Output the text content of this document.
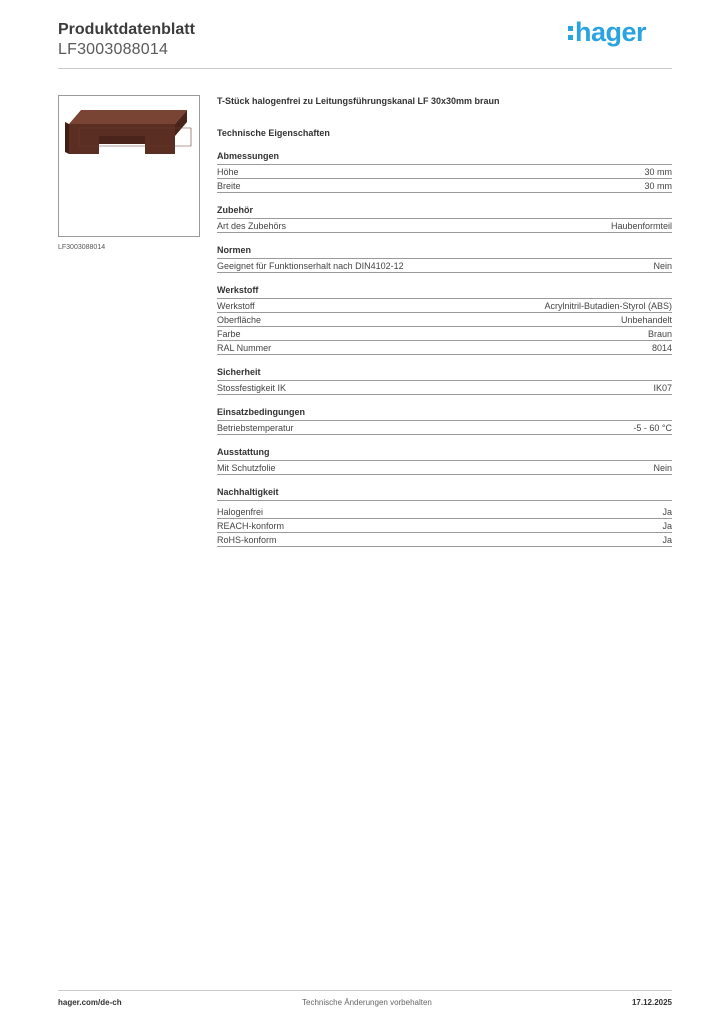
Produktdatenblatt
LF3003088014
hager
LF3003088014
T-Stück halogenfrei zu Leitungsführungskanal LF 30x30mm braun
Technische Eigenschaften
Abmessungen
Höhe	30 mm
Breite	30 mm
Zubehör
Art des Zubehörs	Haubenformteil
Normen
Geeignet für Funktionserhalt nach DIN4102-12	Nein
Werkstoff
Werkstoff	Acrylnitril-Butadien-Styrol (ABS)
Oberfläche	Unbehandelt
Farbe	Braun
RAL Nummer	8014
Sicherheit
Stossfestigkeit IK	IK07
Einsatzbedingungen
Betriebstemperatur	-5 - 60 °C
Ausstattung
Mit Schutzfolie	Nein
Nachhaltigkeit
Halogenfrei	Ja
REACH-konform	Ja
RoHS-konform	Ja
hager.com/de-ch	Technische Änderungen vorbehalten	17.12.2025
